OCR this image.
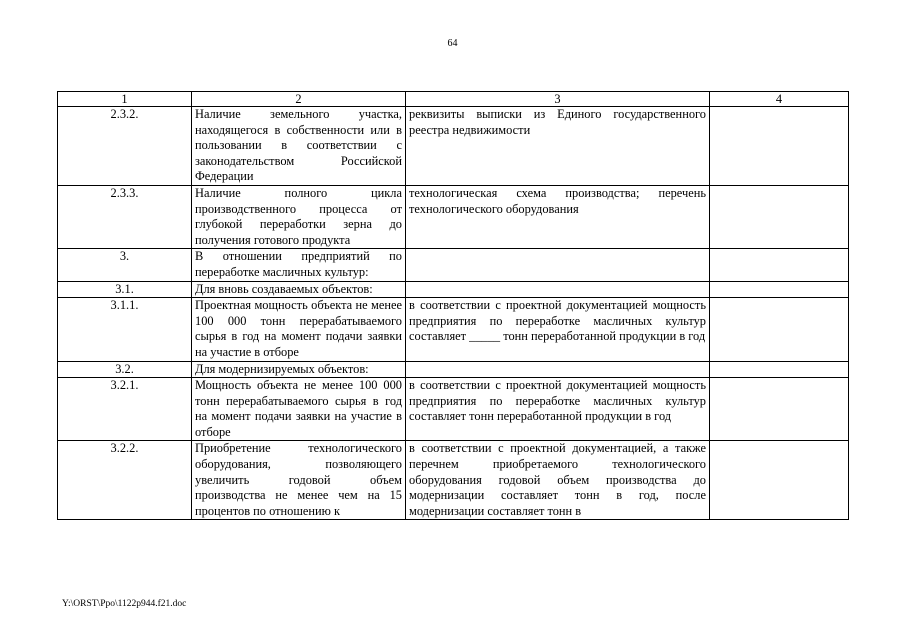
64
1	2	3	4
2.3.2.	Наличие земельного участка, находящегося в собственности или в пользовании в соответствии с законодательством Российской Федерации	реквизиты выписки из Единого государственного реестра недвижимости	
2.3.3.	Наличие полного цикла производственного процесса от глубокой переработки зерна до получения готового продукта	технологическая схема производства; перечень технологического оборудования	
3.	В отношении предприятий по переработке масличных культур:		
3.1.	Для вновь создаваемых объектов:		
3.1.1.	Проектная мощность объекта не менее 100 000 тонн перерабатываемого сырья в год на момент подачи заявки на участие в отборе	в соответствии с проектной документацией мощность предприятия по переработке масличных культур составляет _____ тонн переработанной продукции в год	
3.2.	Для модернизируемых объектов:		
3.2.1.	Мощность объекта не менее 100 000 тонн перерабатываемого сырья в год на момент подачи заявки на участие в отборе	в соответствии с проектной документацией мощность предприятия по переработке масличных культур составляет тонн переработанной продукции в год	
3.2.2.	Приобретение технологического оборудования, позволяющего увеличить годовой объем производства не менее чем на 15 процентов по отношению к	в соответствии с проектной документацией, а также перечнем приобретаемого технологического оборудования годовой объем производства до модернизации составляет тонн в год, после модернизации составляет тонн в	
Y:\ORST\Ppo\1122p944.f21.doc
